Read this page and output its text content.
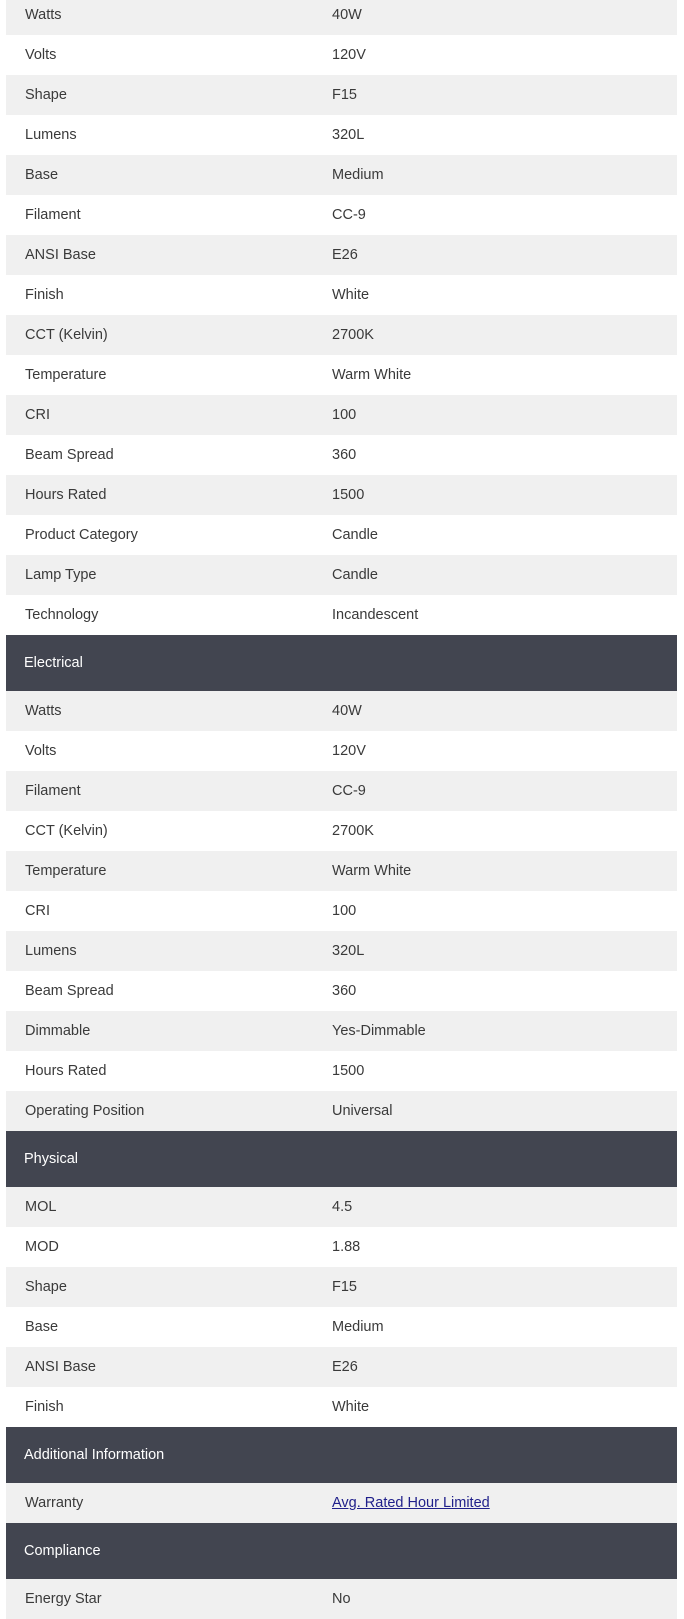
Watts	40W
Volts	120V
Shape	F15
Lumens	320L
Base	Medium
Filament	CC-9
ANSI Base	E26
Finish	White
CCT (Kelvin)	2700K
Temperature	Warm White
CRI	100
Beam Spread	360
Hours Rated	1500
Product Category	Candle
Lamp Type	Candle
Technology	Incandescent
Electrical
Watts	40W
Volts	120V
Filament	CC-9
CCT (Kelvin)	2700K
Temperature	Warm White
CRI	100
Lumens	320L
Beam Spread	360
Dimmable	Yes-Dimmable
Hours Rated	1500
Operating Position	Universal
Physical
MOL	4.5
MOD	1.88
Shape	F15
Base	Medium
ANSI Base	E26
Finish	White
Additional Information
Warranty	Avg. Rated Hour Limited
Compliance
Energy Star	No
